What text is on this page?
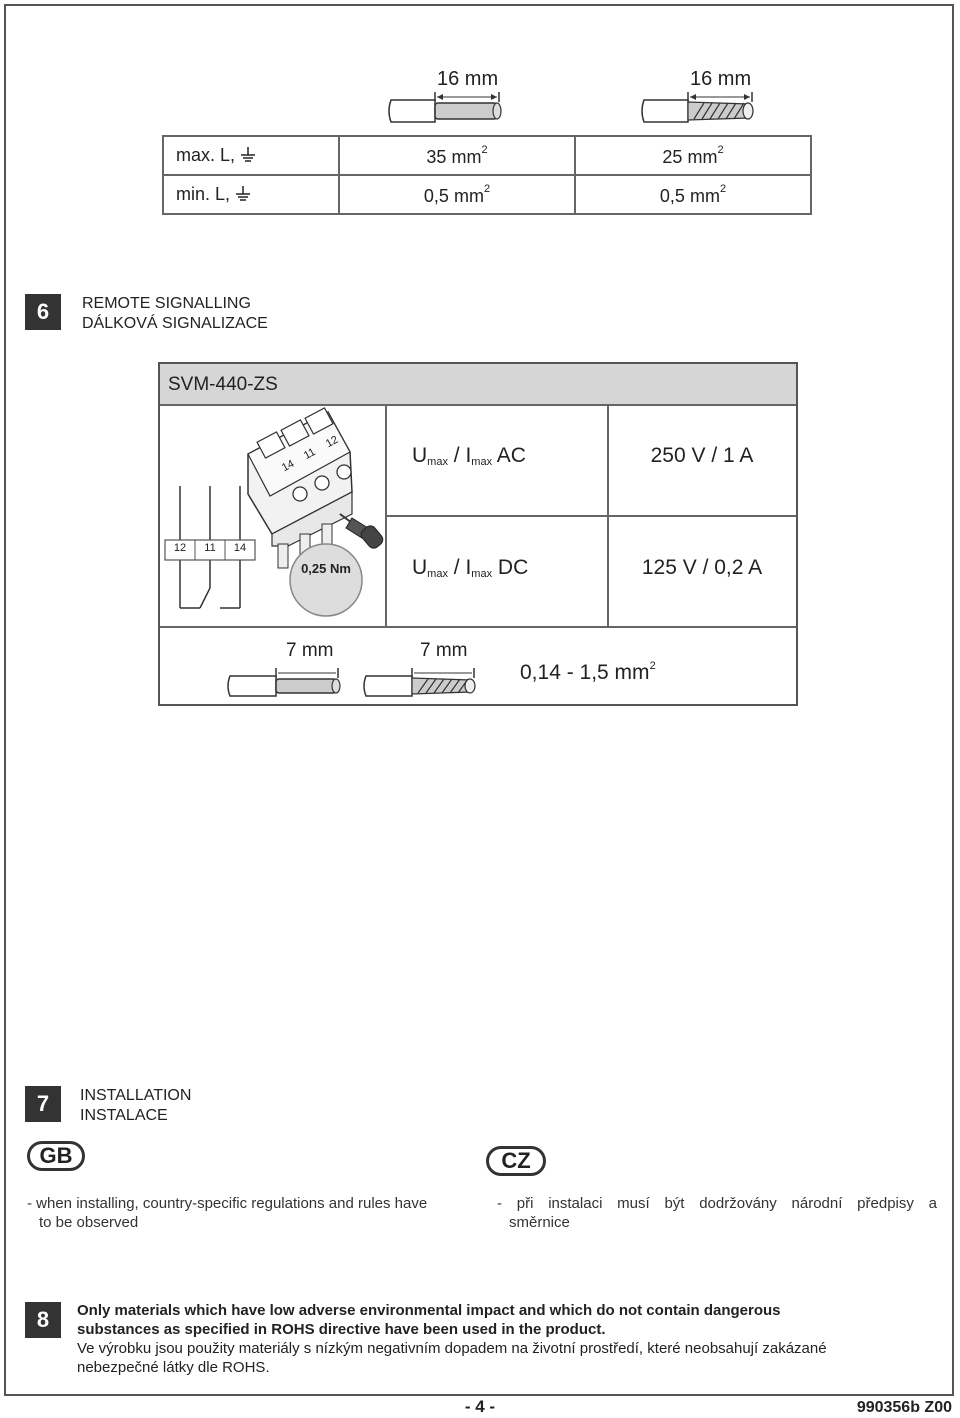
16 mm	16 mm
max. L,	35 $mm^2$	25 $mm^2$
min. L,	0,5 $mm^2$	0,5 $mm^2$
6	REMOTE SIGNALLING
DÁLKOVÁ SIGNALIZACE
SVM-440-ZS
12	11	14
14
11
12
0,25 Nm
$U_{max} / I_{max}$ AC	250 V / 1 A
$U_{max} / I_{max}$ DC	125 V / 0,2 A
7 mm	7 mm
0,14 - 1,5 $mm^2$
7	INSTALLATION
INSTALACE
GB	CZ
- when installing, country-specific regulations and rules have
to be observed
- při instalaci musí být dodržovány národní předpisy a
směrnice
8	Only materials which have low adverse environmental impact and which do not contain dangerous
substances as specified in ROHS directive have been used in the product.
Ve výrobku jsou použity materiály s nízkým negativním dopadem na životní prostředí, které neobsahují zakázané
nebezpečné látky dle ROHS.
- 4 -	990356b Z00
